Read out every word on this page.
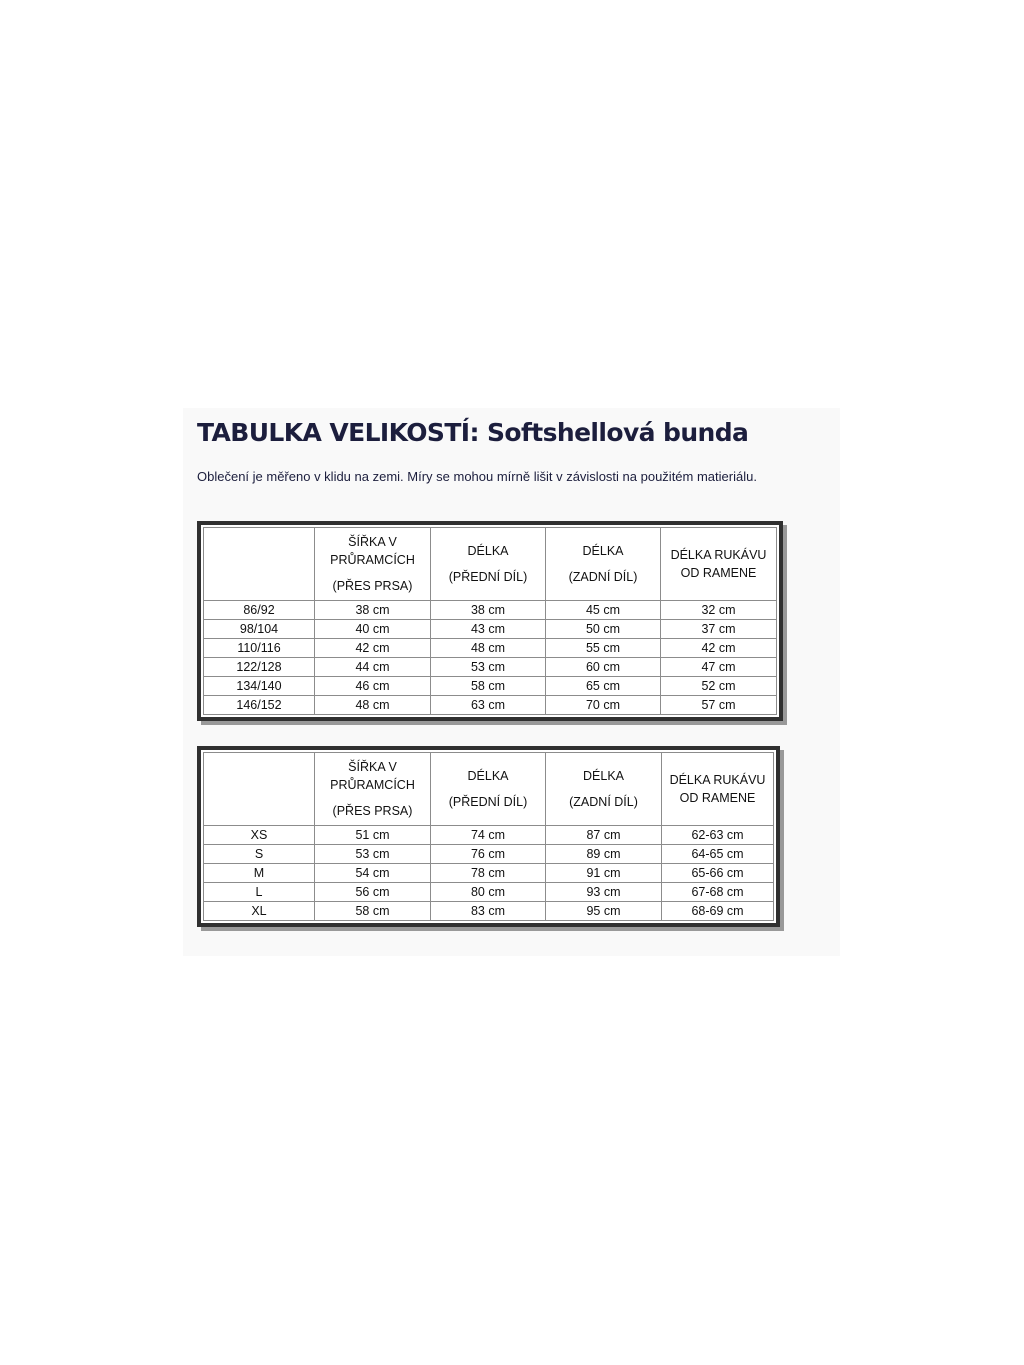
TABULKA VELIKOSTÍ: Softshellová bunda

Oblečení je měřeno v klidu na zemi. Míry se mohou mírně lišit v závislosti na použitém matieriálu.

	ŠÍŘKA V
PRŮRAMCÍCH
(PŘES PRSA)	DÉLKA
(PŘEDNÍ DÍL)	DÉLKA
(ZADNÍ DÍL)	DÉLKA RUKÁVU
OD RAMENE

86/92	38 cm	38 cm	45 cm	32 cm
98/104	40 cm	43 cm	50 cm	37 cm
110/116	42 cm	48 cm	55 cm	42 cm
122/128	44 cm	53 cm	60 cm	47 cm
134/140	46 cm	58 cm	65 cm	52 cm
146/152	48 cm	63 cm	70 cm	57 cm

	ŠÍŘKA V
PRŮRAMCÍCH
(PŘES PRSA)	DÉLKA
(PŘEDNÍ DÍL)	DÉLKA
(ZADNÍ DÍL)	DÉLKA RUKÁVU
OD RAMENE

XS	51 cm	74 cm	87 cm	62-63 cm
S	53 cm	76 cm	89 cm	64-65 cm
M	54 cm	78 cm	91 cm	65-66 cm
L	56 cm	80 cm	93 cm	67-68 cm
XL	58 cm	83 cm	95 cm	68-69 cm
